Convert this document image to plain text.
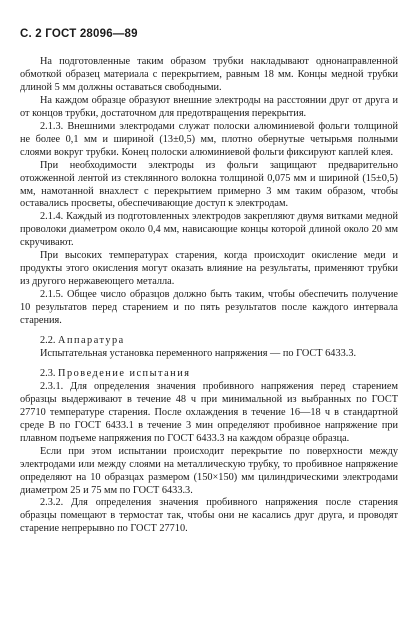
С. 2 ГОСТ 28096—89

На подготовленные таким образом трубки накладывают однонаправленной обмоткой образец материала с перекрытием, равным 18 мм. Концы медной трубки длиной 5 мм должны оставаться свободными.

На каждом образце образуют внешние электроды на расстоянии друг от друга и от концов трубки, достаточном для предотвращения перекрытия.

2.1.3. Внешними электродами служат полоски алюминиевой фольги толщиной не более 0,1 мм и шириной (13±0,5) мм, плотно обернутые четырьмя полными слоями вокруг трубки. Конец полоски алюминиевой фольги фиксируют каплей клея.

При необходимости электроды из фольги защищают предварительно отожженной лентой из стеклянного волокна толщиной 0,075 мм и шириной (15±0,5) мм, намотанной внахлест с перекрытием примерно 3 мм таким образом, чтобы оставались просветы, обеспечивающие доступ к электродам.

2.1.4. Каждый из подготовленных электродов закрепляют двумя витками медной проволоки диаметром около 0,4 мм, нависающие концы которой длиной около 20 мм скручивают.

При высоких температурах старения, когда происходит окисление меди и продукты этого окисления могут оказать влияние на результаты, применяют трубки из другого нержавеющего металла.

2.1.5. Общее число образцов должно быть таким, чтобы обеспечить получение 10 результатов перед старением и по пять результатов после каждого интервала старения.

2.2. Аппаратура

Испытательная установка переменного напряжения — по ГОСТ 6433.3.

2.3. Проведение испытания

2.3.1. Для определения значения пробивного напряжения перед старением образцы выдерживают в течение 48 ч при минимальной из выбранных по ГОСТ 27710 температуре старения. После охлаждения в течение 16—18 ч в стандартной среде В по ГОСТ 6433.1 в течение 3 мин определяют пробивное напряжение при плавном подъеме напряжения по ГОСТ 6433.3 на каждом образце образца.

Если при этом испытании происходит перекрытие по поверхности между электродами или между слоями на металлическую трубку, то пробивное напряжение определяют на 10 образцах размером (150×150) мм цилиндрическими электродами диаметром 25 и 75 мм по ГОСТ 6433.3.

2.3.2. Для определения значения пробивного напряжения после старения образцы помещают в термостат так, чтобы они не касались друг друга, и проводят старение непрерывно по ГОСТ 27710.
